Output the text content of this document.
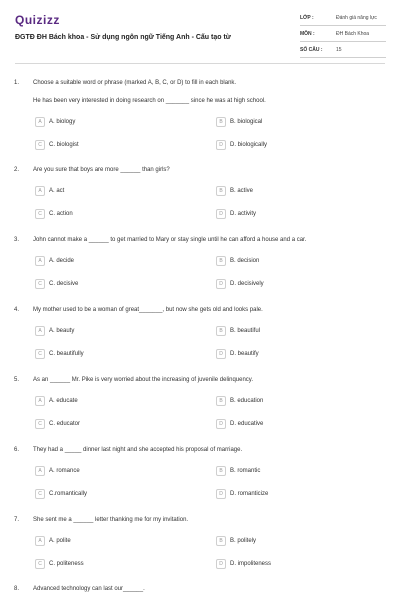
Quizizz
ĐGTĐ ĐH Bách khoa - Sử dụng ngôn ngữ Tiếng Anh - Cấu tạo từ
LỚP :	Đánh giá năng lực
MÔN :	ĐH Bách Khoa
SỐ CÂU :	15
1. Choose a suitable word or phrase (marked A, B, C, or D) to fill in each blank.
He has been very interested in doing research on _______ since he was at high school.
A	A. biology	B	B. biological
C	C. biologist	D	D. biologically
2. Are you sure that boys are more ______ than girls?
A	A. act	B	B. active
C	C. action	D	D. activity
3. John cannot make a ______ to get married to Mary or stay single until he can afford a house and a car.
A	A. decide	B	B. decision
C	C. decisive	D	D. decisively
4. My mother used to be a woman of great_______, but now she gets old and looks pale.
A	A. beauty	B	B. beautiful
C	C. beautifully	D	D. beautify
5. As an ______ Mr. Pike is very worried about the increasing of juvenile delinquency.
A	A. educate	B	B. education
C	C. educator	D	D. educative
6. They had a _____ dinner last night and she accepted his proposal of marriage.
A	A. romance	B	B. romantic
C	C.romantically	D	D. romanticize
7. She sent me a ______ letter thanking me for my invitation.
A	A. polite	B	B. politely
C	C. politeness	D	D. impoliteness
8. Advanced technology can last our______.
